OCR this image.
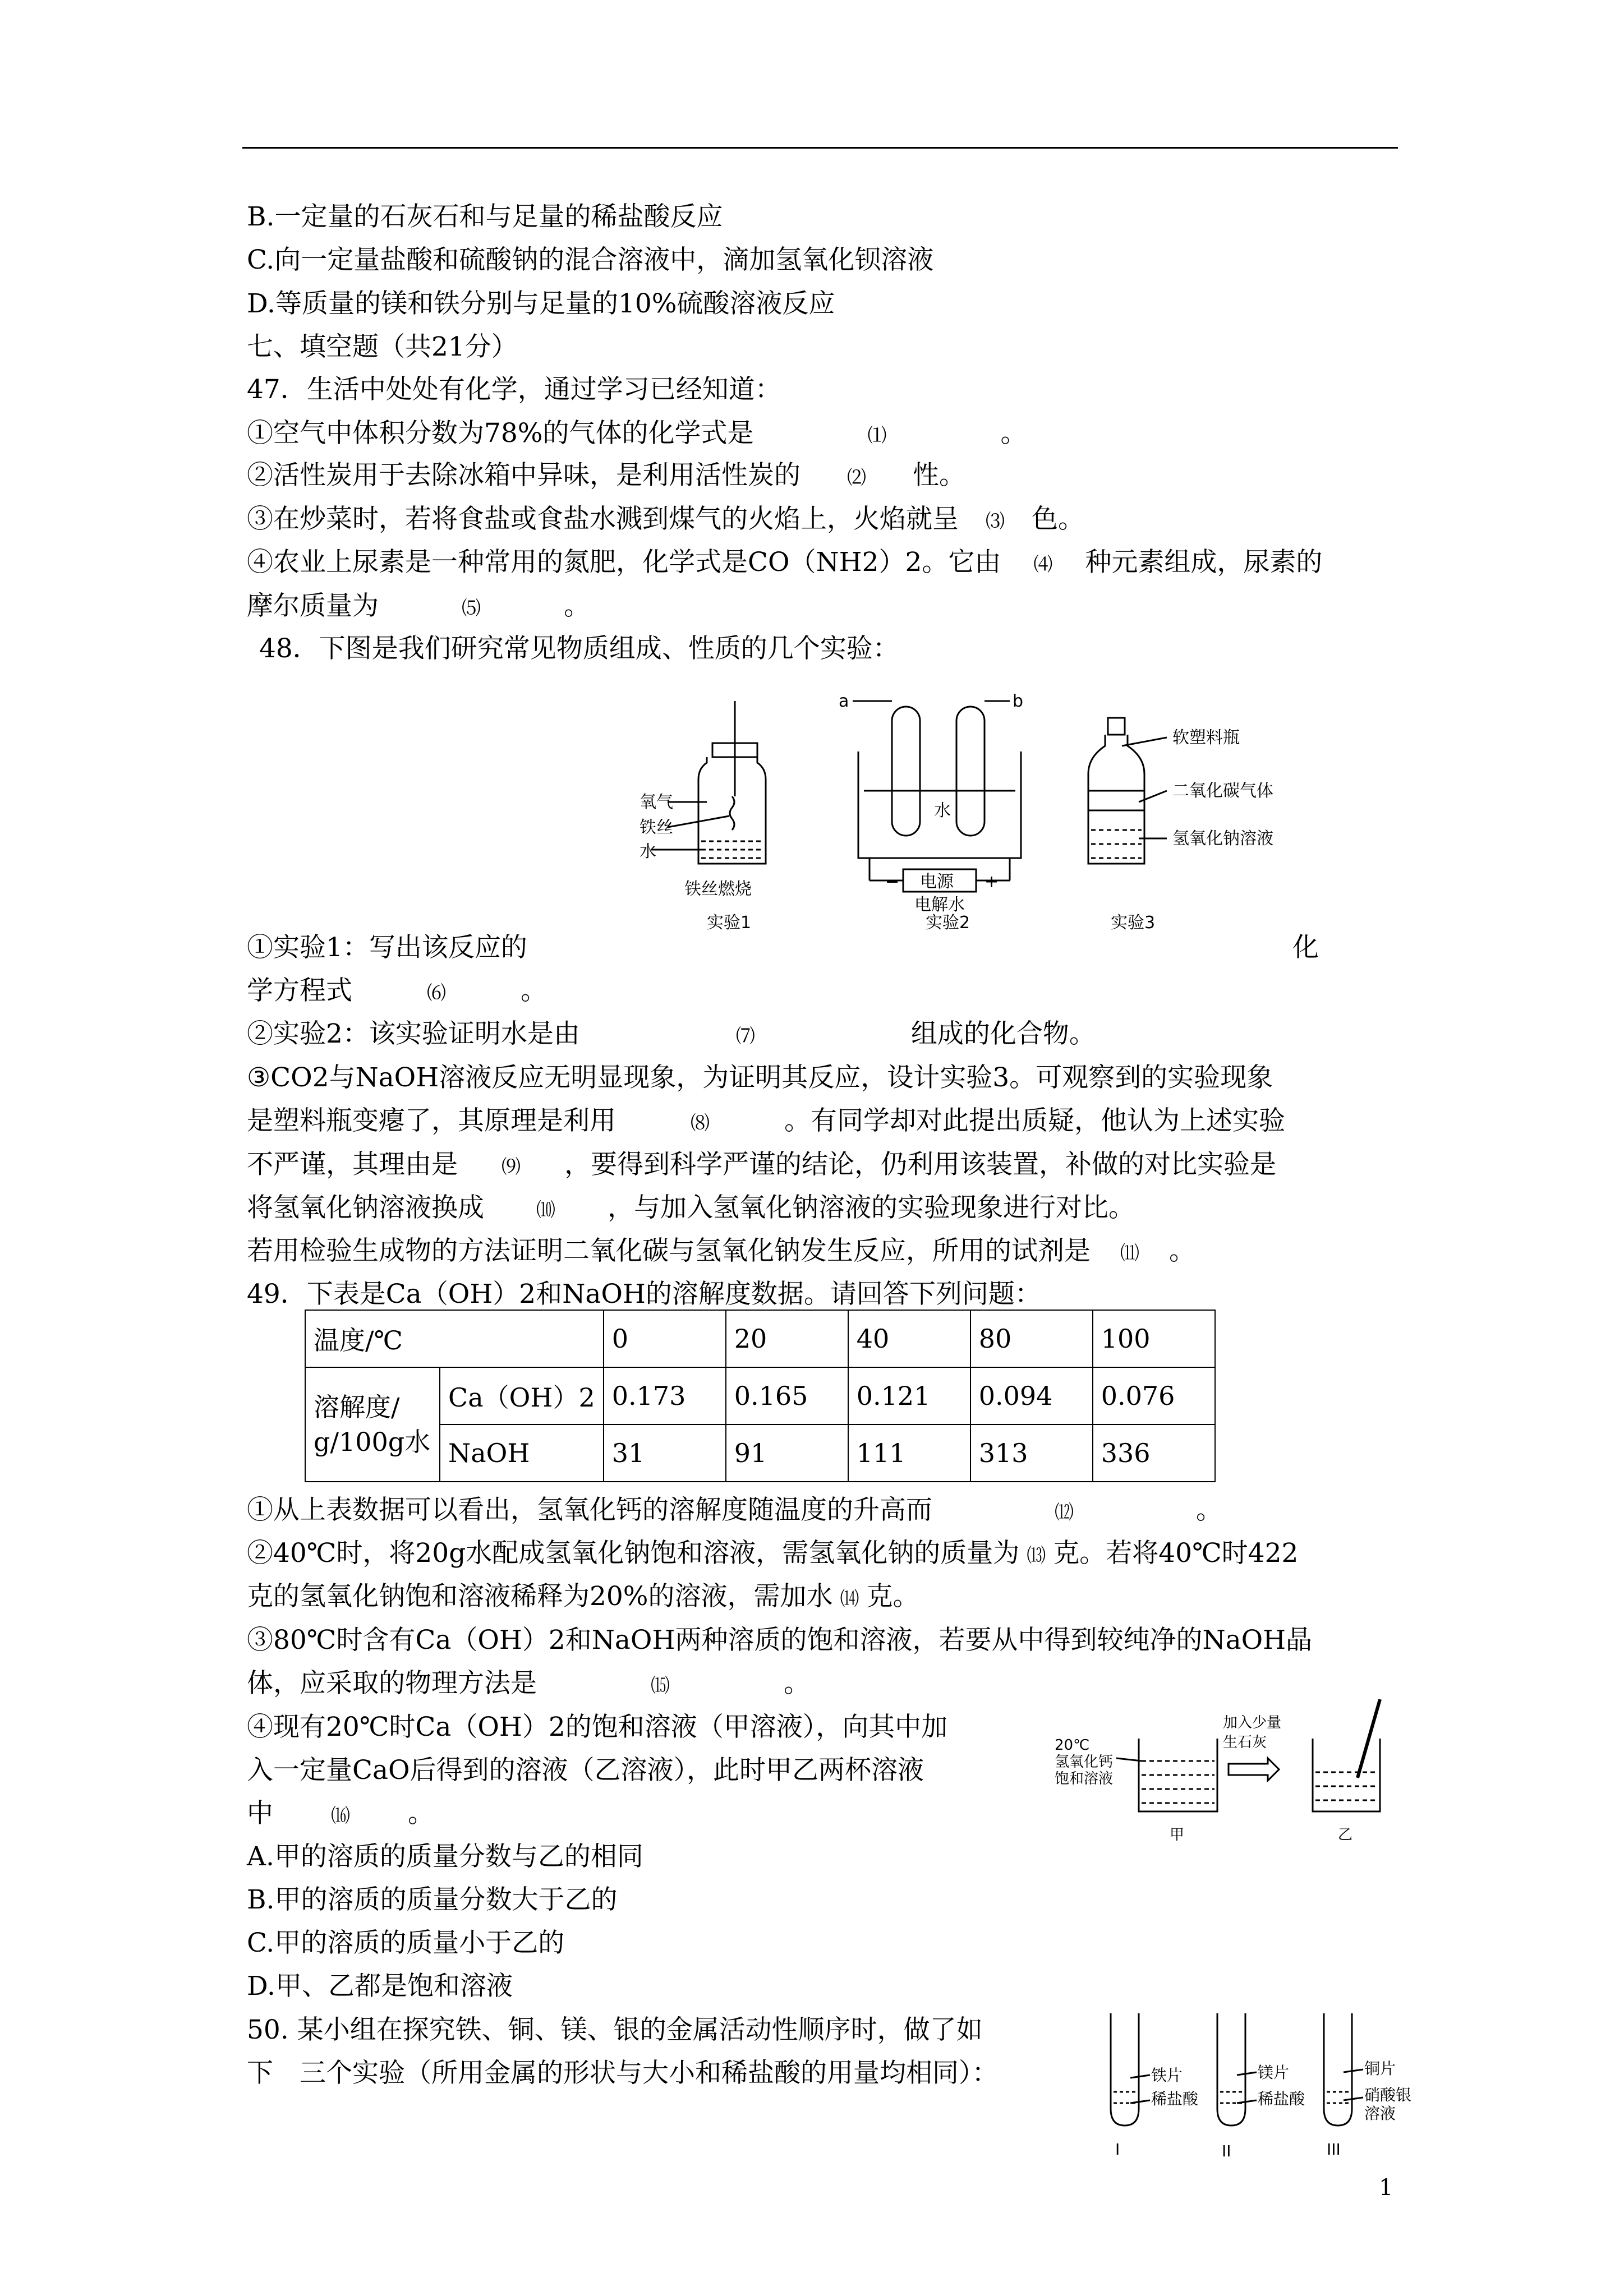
B.一定量的石灰石和与足量的稀盐酸反应
C.向一定量盐酸和硫酸钠的混合溶液中，滴加氢氧化钡溶液
D.等质量的镁和铁分别与足量的10%硫酸溶液反应
七、填空题（共21分）
47．生活中处处有化学，通过学习已经知道：
①空气中体积分数为78%的气体的化学式是	⑴	。
②活性炭用于去除冰箱中异味，是利用活性炭的 ⑵ 性。
③在炒菜时，若将食盐或食盐水溅到煤气的火焰上，火焰就呈 ⑶ 色。
④农业上尿素是一种常用的氮肥，化学式是CO（NH2）2。它由 ⑷ 种元素组成，尿素的
摩尔质量为	⑸	。
48．下图是我们研究常见物质组成、性质的几个实验：
氧气
铁丝
水
铁丝燃烧
实验1
a	b
水
电源
−	+
电解水
实验2
软塑料瓶
二氧化碳气体
氢氧化钠溶液
实验3
①实验1：写出该反应的	化
学方程式	⑹	。
②实验2：该实验证明水是由	⑺	组成的化合物。
③CO2与NaOH溶液反应无明显现象，为证明其反应，设计实验3。可观察到的实验现象
是塑料瓶变瘪了，其原理是利用	⑻	。有同学却对此提出质疑，他认为上述实验
不严谨，其理由是 ⑼ ，要得到科学严谨的结论，仍利用该装置，补做的对比实验是
将氢氧化钠溶液换成	⑽ ，与加入氢氧化钠溶液的实验现象进行对比。
若用检验生成物的方法证明二氧化碳与氢氧化钠发生反应，所用的试剂是 ⑾ 。
49．下表是Ca（OH）2和NaOH的溶解度数据。请回答下列问题：
温度/℃		0	20	40	80	100
溶解度/
g/100g水	Ca（OH）2	0.173	0.165	0.121	0.094	0.076
	NaOH	31	91	111	313	336
①从上表数据可以看出，氢氧化钙的溶解度随温度的升高而	⑿	。
②40℃时，将20g水配成氢氧化钠饱和溶液，需氢氧化钠的质量为 ⒀ 克。若将40℃时422
克的氢氧化钠饱和溶液稀释为20%的溶液，需加水 ⒁ 克。
③80℃时含有Ca（OH）2和NaOH两种溶质的饱和溶液，若要从中得到较纯净的NaOH晶
体，应采取的物理方法是	⒂	。
④现有20℃时Ca（OH）2的饱和溶液（甲溶液），向其中加
入一定量CaO后得到的溶液（乙溶液），此时甲乙两杯溶液
中	⒃ 。
A.甲的溶质的质量分数与乙的相同
B.甲的溶质的质量分数大于乙的
C.甲的溶质的质量小于乙的
D.甲、乙都是饱和溶液
20℃
氢氧化钙
饱和溶液
加入少量
生石灰
甲	乙
50. 某小组在探究铁、铜、镁、银的金属活动性顺序时，做了如
下　三个实验（所用金属的形状与大小和稀盐酸的用量均相同）：	铁片
稀盐酸
I
镁片
稀盐酸
II
铜片
硝酸银
溶液
III
1
